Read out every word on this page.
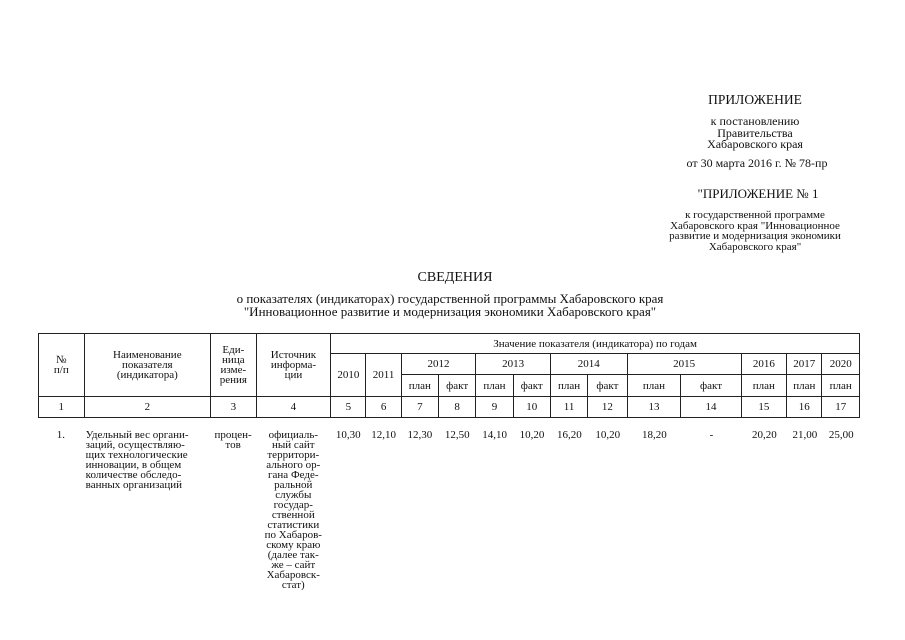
ПРИЛОЖЕНИЕ
к постановлению
Правительства
Хабаровского края
от 30 марта 2016 г. № 78-пр
"ПРИЛОЖЕНИЕ № 1
к государственной программе
Хабаровского края "Инновационное
развитие и модернизация экономики
Хабаровского края"
СВЕДЕНИЯ
о показателях (индикаторах) государственной программы Хабаровского края
"Инновационное развитие и модернизация экономики Хабаровского края"
№
п/п	Наименование
показателя
(индикатора)	Еди-
ница
изме-
рения	Источник
информа-
ции	Значение показателя (индикатора) по годам												
				2010	2011	2012		2013		2014		2015		2016	2017	2020
						план	факт	план	факт	план	факт	план	факт	план	план	план
1	2	3	4	5	6	7	8	9	10	11	12	13	14	15	16	17
1.	Удельный вес органи-
заций, осуществляю-
щих технологические
инновации, в общем
количестве обследо-
ванных организаций	процен-
тов	официаль-
ный сайт
территори-
ального ор-
гана Феде-
ральной
службы
государ-
ственной
статистики
по Хабаров-
скому краю
(далее так-
же – сайт
Хабаровск-
стат)	10,30	12,10	12,30	12,50	14,10	10,20	16,20	10,20	18,20	-	20,20	21,00	25,00
